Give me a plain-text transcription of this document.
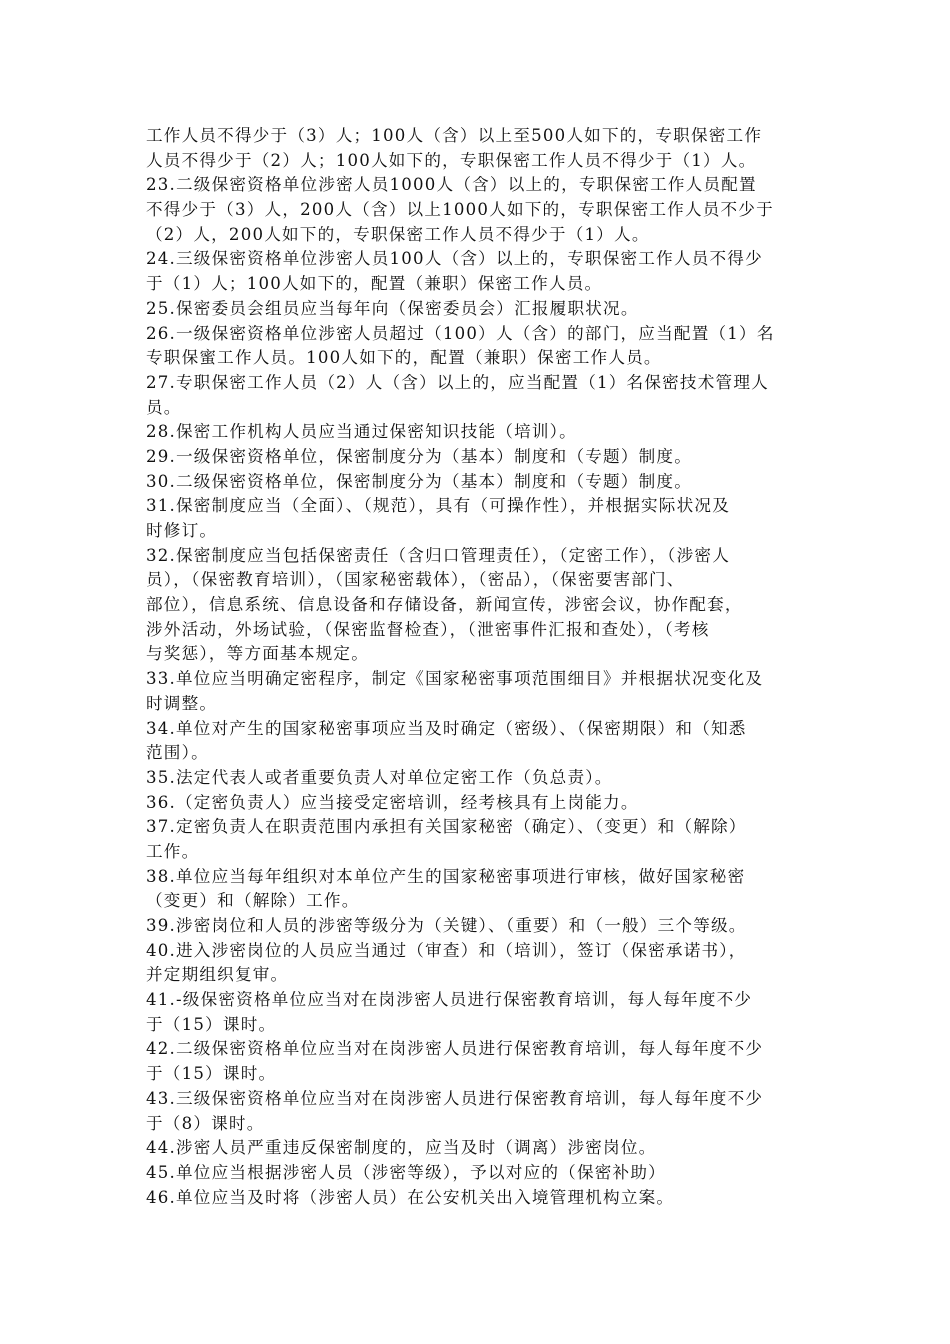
工作人员不得少于（3）人；100人（含）以上至500人如下的，专职保密工作
人员不得少于（2）人；100人如下的，专职保密工作人员不得少于（1）人。
23.二级保密资格单位涉密人员1000人（含）以上的，专职保密工作人员配置
不得少于（3）人，200人（含）以上1000人如下的，专职保密工作人员不少于
（2）人，200人如下的，专职保密工作人员不得少于（1）人。
24.三级保密资格单位涉密人员100人（含）以上的，专职保密工作人员不得少
于（1）人；100人如下的，配置（兼职）保密工作人员。
25.保密委员会组员应当每年向（保密委员会）汇报履职状况。
26.一级保密资格单位涉密人员超过（100）人（含）的部门，应当配置（1）名
专职保蜜工作人员。100人如下的，配置（兼职）保密工作人员。
27.专职保密工作人员（2）人（含）以上的，应当配置（1）名保密技术管理人
员。
28.保密工作机构人员应当通过保密知识技能（培训）。
29.一级保密资格单位，保密制度分为（基本）制度和（专题）制度。
30.二级保密资格单位，保密制度分为（基本）制度和（专题）制度。
31.保密制度应当（全面）、（规范），具有（可操作性），并根据实际状况及
时修订。
32.保密制度应当包括保密责任（含归口管理责任），（定密工作），（涉密人
员），（保密教育培训），（国家秘密载体），（密品），（保密要害部门、
部位），信息系统、信息设备和存储设备，新闻宣传，涉密会议，协作配套，
涉外活动，外场试验，（保密监督检查），（泄密事件汇报和查处），（考核
与奖惩），等方面基本规定。
33.单位应当明确定密程序，制定《国家秘密事项范围细目》并根据状况变化及
时调整。
34.单位对产生的国家秘密事项应当及时确定（密级）、（保密期限）和（知悉
范围）。
35.法定代表人或者重要负责人对单位定密工作（负总责）。
36.（定密负责人）应当接受定密培训，经考核具有上岗能力。
37.定密负责人在职责范围内承担有关国家秘密（确定）、（变更）和（解除）
工作。
38.单位应当每年组织对本单位产生的国家秘密事项进行审核，做好国家秘密
（变更）和（解除）工作。
39.涉密岗位和人员的涉密等级分为（关键）、（重要）和（一般）三个等级。
40.进入涉密岗位的人员应当通过（审查）和（培训），签订（保密承诺书），
并定期组织复审。
41.-级保密资格单位应当对在岗涉密人员进行保密教育培训，每人每年度不少
于（15）课时。
42.二级保密资格单位应当对在岗涉密人员进行保密教育培训，每人每年度不少
于（15）课时。
43.三级保密资格单位应当对在岗涉密人员进行保密教育培训，每人每年度不少
于（8）课时。
44.涉密人员严重违反保密制度的，应当及时（调离）涉密岗位。
45.单位应当根据涉密人员（涉密等级），予以对应的（保密补助）
46.单位应当及时将（涉密人员）在公安机关出入境管理机构立案。
